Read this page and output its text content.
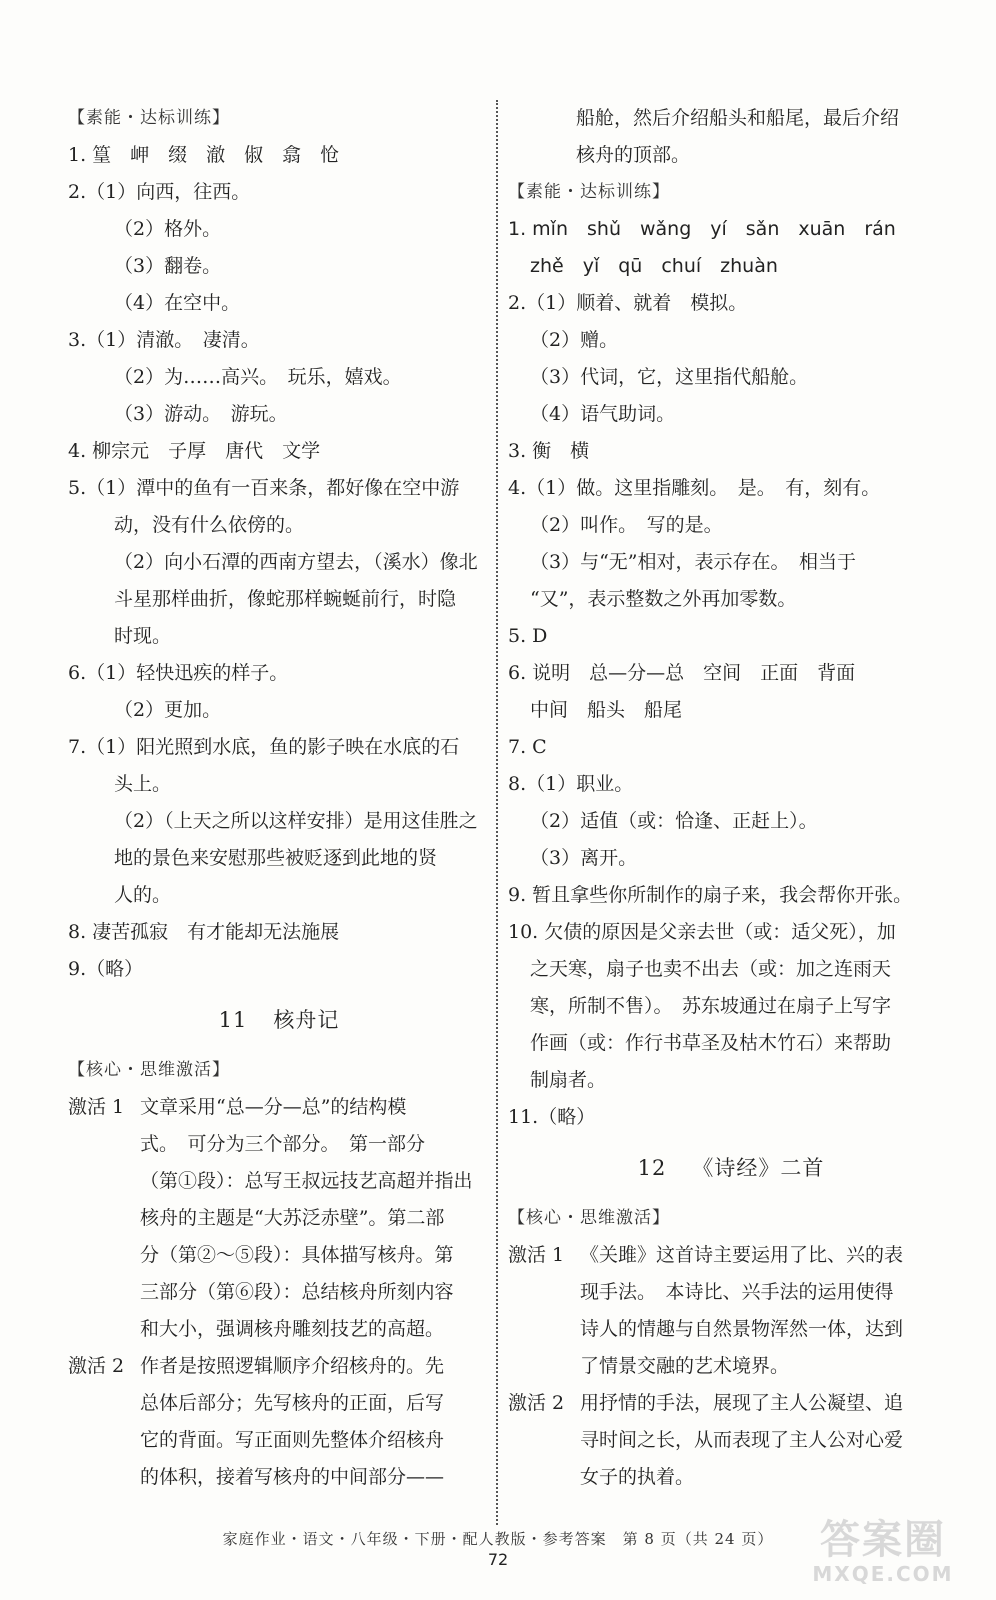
【素能・达标训练】
1. 篁　岬　缀　澈　俶　翕　怆
2.（1）向西，往西。
（2）格外。
（3）翻卷。
（4）在空中。
3.（1）清澈。　凄清。
（2）为……高兴。　玩乐，嬉戏。
（3）游动。　游玩。
4. 柳宗元　子厚　唐代　文学
5.（1）潭中的鱼有一百来条，都好像在空中游
动，没有什么依傍的。
（2）向小石潭的西南方望去，（溪水）像北
斗星那样曲折，像蛇那样蜿蜒前行，时隐
时现。
6.（1）轻快迅疾的样子。
（2）更加。
7.（1）阳光照到水底，鱼的影子映在水底的石
头上。
（2）（上天之所以这样安排）是用这佳胜之
地的景色来安慰那些被贬逐到此地的贤
人的。
8. 凄苦孤寂　有才能却无法施展
9.（略）
11 核舟记
【核心・思维激活】
激活 1 文章采用“总—分—总”的结构模
式。　可分为三个部分。　第一部分
（第①段）：总写王叔远技艺高超并指出
核舟的主题是“大苏泛赤壁”。第二部
分（第②～⑤段）：具体描写核舟。第
三部分（第⑥段）：总结核舟所刻内容
和大小，强调核舟雕刻技艺的高超。
激活 2 作者是按照逻辑顺序介绍核舟的。先
总体后部分；先写核舟的正面，后写
它的背面。写正面则先整体介绍核舟
的体积，接着写核舟的中间部分——
船舱，然后介绍船头和船尾，最后介绍
核舟的顶部。
【素能・达标训练】
1. mǐn　shǔ　wǎng　yí　sǎn　xuān　rán
zhě　yǐ　qū　chuí　zhuàn
2.（1）顺着、就着　模拟。
（2）赠。
（3）代词，它，这里指代船舱。
（4）语气助词。
3. 衡　横
4.（1）做。这里指雕刻。　是。　有，刻有。
（2）叫作。　写的是。
（3）与“无”相对，表示存在。　相当于
“又”，表示整数之外再加零数。
5. D
6. 说明　总—分—总　空间　正面　背面
中间　船头　船尾
7. C
8.（1）职业。
（2）适值（或：恰逢、正赶上）。
（3）离开。
9. 暂且拿些你所制作的扇子来，我会帮你开张。
10. 欠债的原因是父亲去世（或：适父死），加
之天寒，扇子也卖不出去（或：加之连雨天
寒，所制不售）。　苏东坡通过在扇子上写字
作画（或：作行书草圣及枯木竹石）来帮助
制扇者。
11.（略）
12 《诗经》二首
【核心・思维激活】
激活 1 《关雎》这首诗主要运用了比、兴的表
现手法。　本诗比、兴手法的运用使得
诗人的情趣与自然景物浑然一体，达到
了情景交融的艺术境界。
激活 2 用抒情的手法，展现了主人公凝望、追
寻时间之长，从而表现了主人公对心爱
女子的执着。
家庭作业・语文・八年级・下册・配人教版・参考答案　第 8 页（共 24 页）
72	答案圈
MXQE.COM
